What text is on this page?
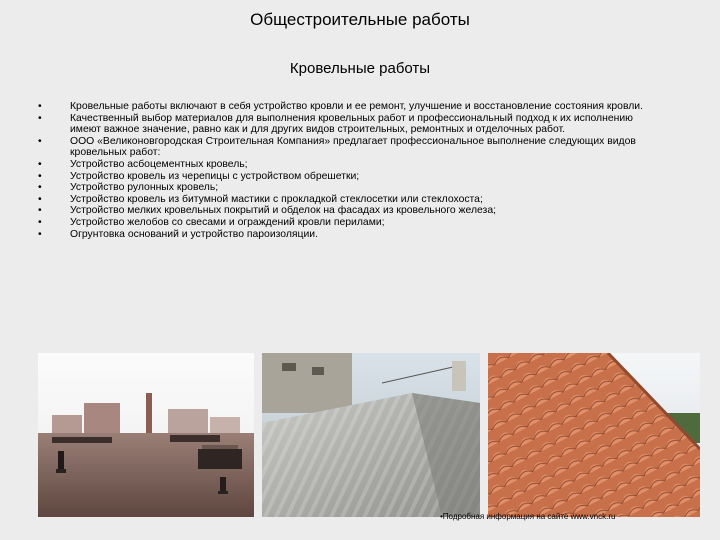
Общестроительные работы
Кровельные работы
•	Кровельные работы включают в себя устройство кровли и ее ремонт, улучшение и восстановление состояния кровли.
•	Качественный выбор материалов для выполнения кровельных работ и профессиональный подход к их исполнению имеют важное значение, равно как и для других видов строительных, ремонтных и отделочных работ.
•	ООО «Великоновгородская Строительная Компания» предлагает профессиональное выполнение следующих видов кровельных работ:
•	Устройство асбоцементных кровель;
•	Устройство кровель из черепицы с устройством обрешетки;
•	Устройство рулонных кровель;
•	Устройство кровель из битумной мастики с прокладкой стеклосетки или стеклохоста;
•	Устройство мелких кровельных покрытий и обделок на фасадах из кровельного железа;
•	Устройство желобов со свесами и ограждений кровли перилами;
•	Огрунтовка оснований и устройство пароизоляции.
•Подробная информация на сайте www.vnck.ru
